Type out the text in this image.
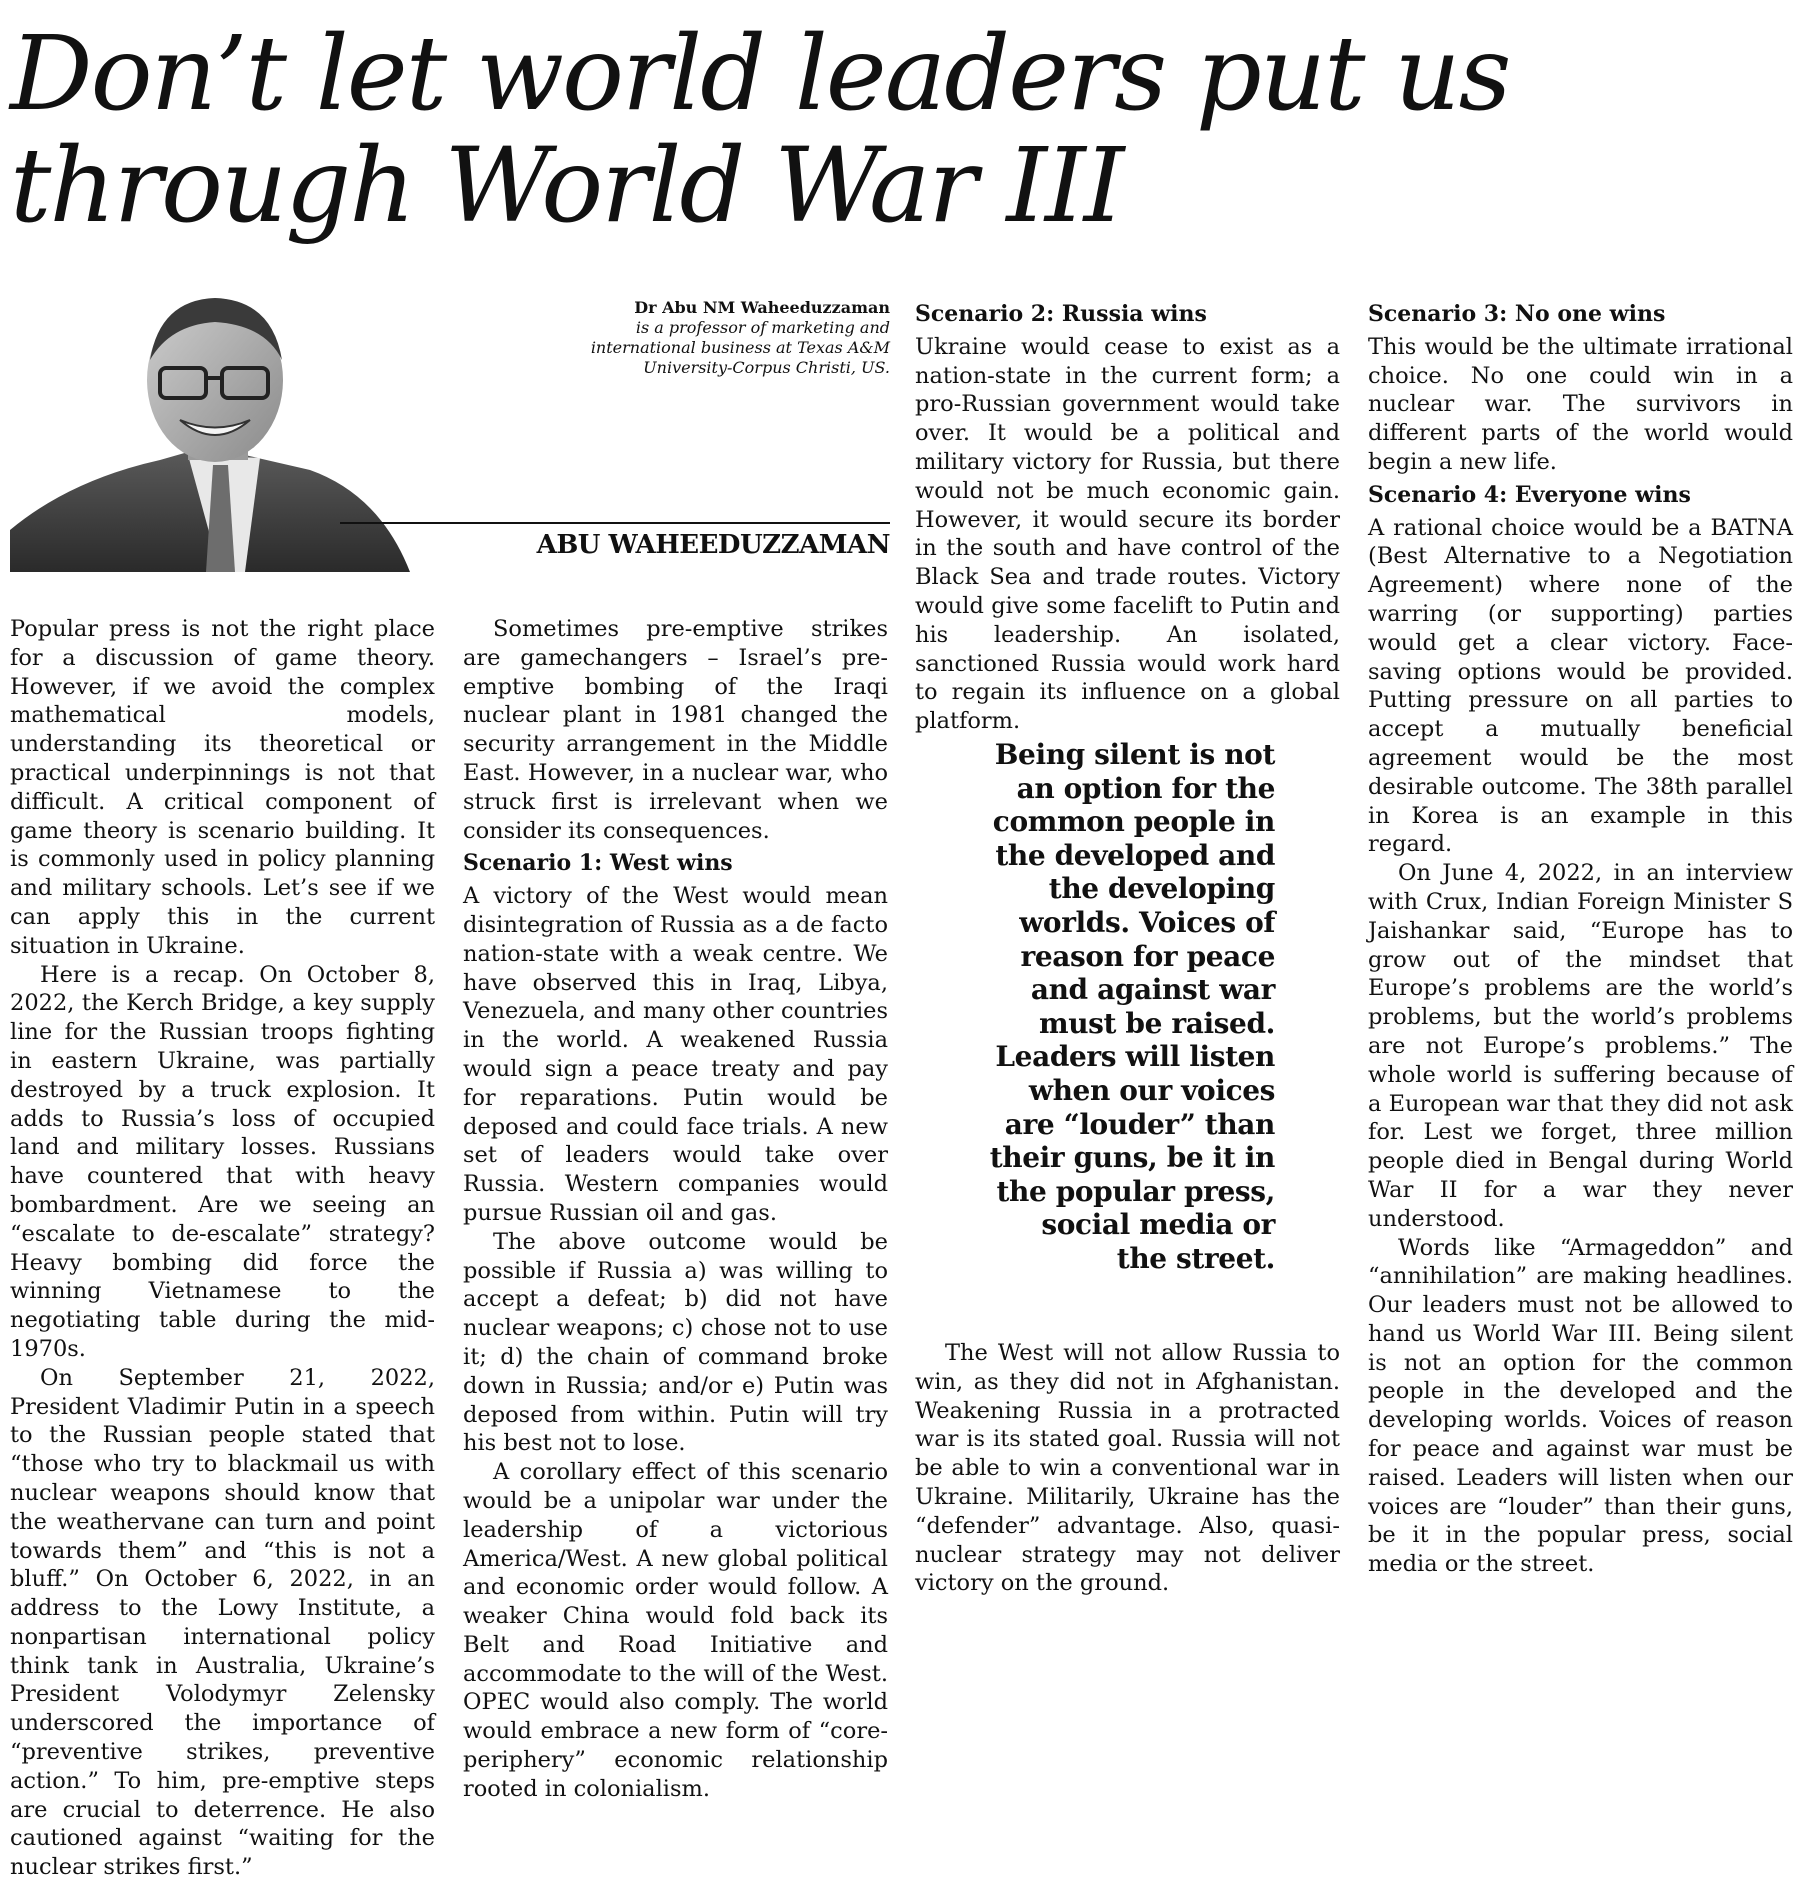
Don’t let world leaders put us through World War III
Dr Abu NM Waheeduzzaman
is a professor of marketing and international business at Texas A&M University-Corpus Christi, US.
ABU WAHEEDUZZAMAN

Popular press is not the right place for a discussion of game theory. However, if we avoid the complex mathematical models, understanding its theoretical or practical underpinnings is not that difficult. A critical component of game theory is scenario building. It is commonly used in policy planning and military schools. Let’s see if we can apply this in the current situation in Ukraine.

Here is a recap. On October 8, 2022, the Kerch Bridge, a key supply line for the Russian troops fighting in eastern Ukraine, was partially destroyed by a truck explosion. It adds to Russia’s loss of occupied land and military losses. Russians have countered that with heavy bombardment. Are we seeing an “escalate to de-escalate” strategy? Heavy bombing did force the winning Vietnamese to the negotiating table during the mid-1970s.

On September 21, 2022, President Vladimir Putin in a speech to the Russian people stated that “those who try to blackmail us with nuclear weapons should know that the weathervane can turn and point towards them” and “this is not a bluff.” On October 6, 2022, in an address to the Lowy Institute, a nonpartisan international policy think tank in Australia, Ukraine’s President Volodymyr Zelensky underscored the importance of “preventive strikes, preventive action.” To him, pre-emptive steps are crucial to deterrence. He also cautioned against “waiting for the nuclear strikes first.”

Sometimes pre-emptive strikes are gamechangers – Israel’s pre-emptive bombing of the Iraqi nuclear plant in 1981 changed the security arrangement in the Middle East. However, in a nuclear war, who struck first is irrelevant when we consider its consequences.

Scenario 1: West wins

A victory of the West would mean disintegration of Russia as a de facto nation-state with a weak centre. We have observed this in Iraq, Libya, Venezuela, and many other countries in the world. A weakened Russia would sign a peace treaty and pay for reparations. Putin would be deposed and could face trials. A new set of leaders would take over Russia. Western companies would pursue Russian oil and gas.

The above outcome would be possible if Russia a) was willing to accept a defeat; b) did not have nuclear weapons; c) chose not to use it; d) the chain of command broke down in Russia; and/or e) Putin was deposed from within. Putin will try his best not to lose.

A corollary effect of this scenario would be a unipolar war under the leadership of a victorious America/West. A new global political and economic order would follow. A weaker China would fold back its Belt and Road Initiative and accommodate to the will of the West. OPEC would also comply. The world would embrace a new form of “core-periphery” economic relationship rooted in colonialism.

Scenario 2: Russia wins

Ukraine would cease to exist as a nation-state in the current form; a pro-Russian government would take over. It would be a political and military victory for Russia, but there would not be much economic gain. However, it would secure its border in the south and have control of the Black Sea and trade routes. Victory would give some facelift to Putin and his leadership. An isolated, sanctioned Russia would work hard to regain its influence on a global platform.

Being silent is not an option for the common people in the developed and the developing worlds. Voices of reason for peace and against war must be raised. Leaders will listen when our voices are “louder” than their guns, be it in the popular press, social media or the street.

The West will not allow Russia to win, as they did not in Afghanistan. Weakening Russia in a protracted war is its stated goal. Russia will not be able to win a conventional war in Ukraine. Militarily, Ukraine has the “defender” advantage. Also, quasi-nuclear strategy may not deliver victory on the ground.

Scenario 3: No one wins

This would be the ultimate irrational choice. No one could win in a nuclear war. The survivors in different parts of the world would begin a new life.

Scenario 4: Everyone wins

A rational choice would be a BATNA (Best Alternative to a Negotiation Agreement) where none of the warring (or supporting) parties would get a clear victory. Face-saving options would be provided. Putting pressure on all parties to accept a mutually beneficial agreement would be the most desirable outcome. The 38th parallel in Korea is an example in this regard.

On June 4, 2022, in an interview with Crux, Indian Foreign Minister S Jaishankar said, “Europe has to grow out of the mindset that Europe’s problems are the world’s problems, but the world’s problems are not Europe’s problems.” The whole world is suffering because of a European war that they did not ask for. Lest we forget, three million people died in Bengal during World War II for a war they never understood.

Words like “Armageddon” and “annihilation” are making headlines. Our leaders must not be allowed to hand us World War III. Being silent is not an option for the common people in the developed and the developing worlds. Voices of reason for peace and against war must be raised. Leaders will listen when our voices are “louder” than their guns, be it in the popular press, social media or the street.
